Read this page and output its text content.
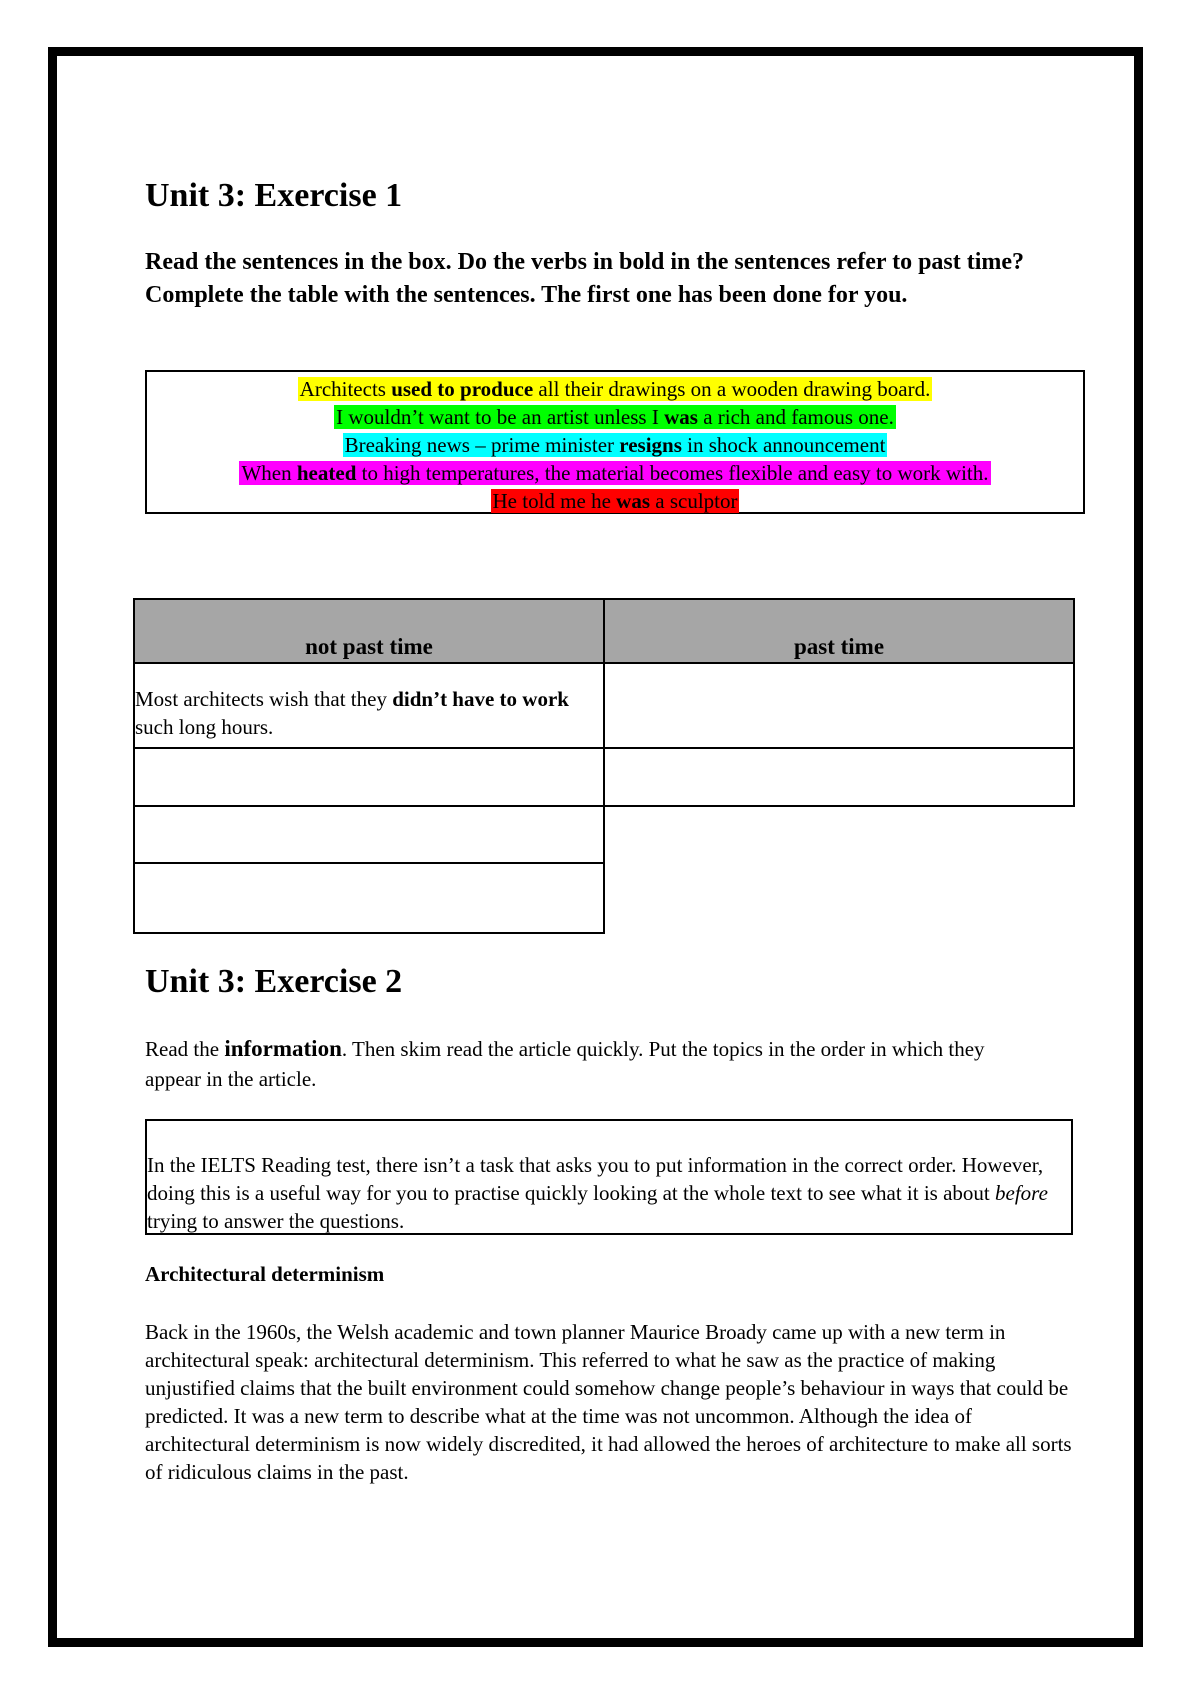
Unit 3: Exercise 1
Read the sentences in the box. Do the verbs in bold in the sentences refer to past time? Complete the table with the sentences. The first one has been done for you.
Architects used to produce all their drawings on a wooden drawing board.
I wouldn’t want to be an artist unless I was a rich and famous one.
Breaking news – prime minister resigns in shock announcement
When heated to high temperatures, the material becomes flexible and easy to work with.
He told me he was a sculptor
not past time	past time
Most architects wish that they didn’t have to work such long hours.

Unit 3: Exercise 2
Read the information. Then skim read the article quickly. Put the topics in the order in which they appear in the article.
In the IELTS Reading test, there isn’t a task that asks you to put information in the correct order. However, doing this is a useful way for you to practise quickly looking at the whole text to see what it is about before trying to answer the questions.
Architectural determinism
Back in the 1960s, the Welsh academic and town planner Maurice Broady came up with a new term in architectural speak: architectural determinism. This referred to what he saw as the practice of making unjustified claims that the built environment could somehow change people’s behaviour in ways that could be predicted. It was a new term to describe what at the time was not uncommon. Although the idea of architectural determinism is now widely discredited, it had allowed the heroes of architecture to make all sorts of ridiculous claims in the past.
